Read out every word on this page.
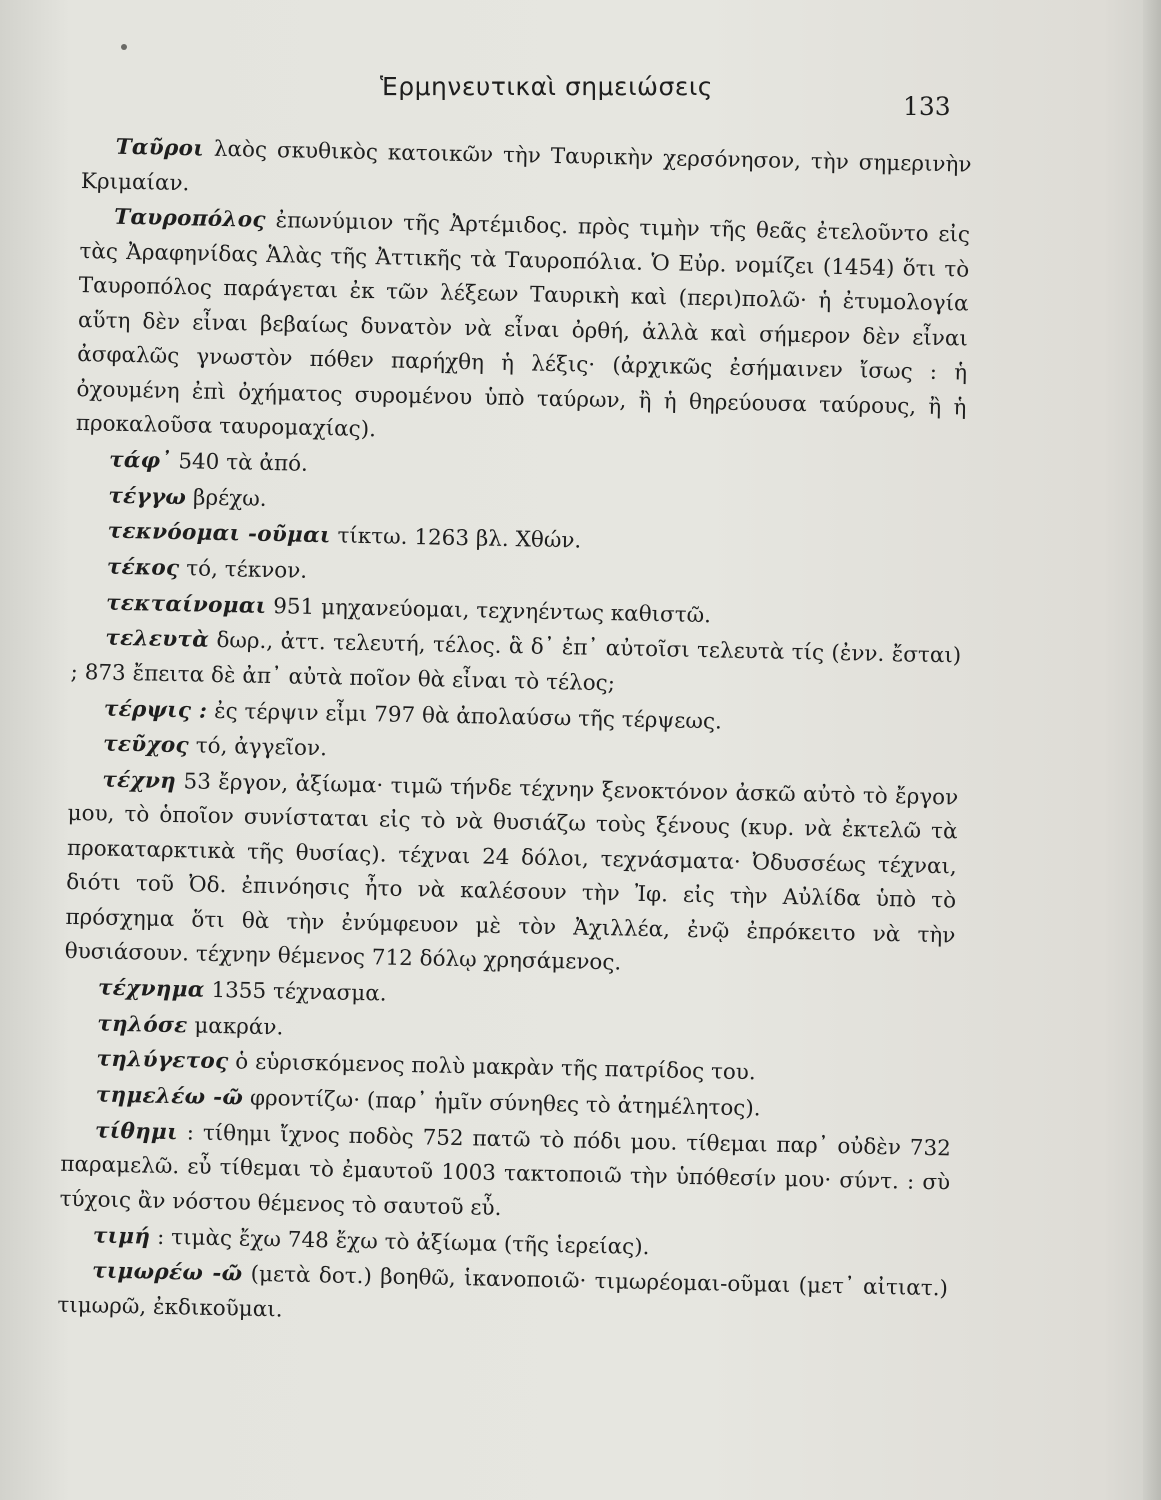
Ἑρμηνευτικαὶ σημειώσεις
133

Ταῦροι λαὸς σκυθικὸς κατοικῶν τὴν Ταυρικὴν χερσόνησον, τὴν σημερινὴν Κριμαίαν.

Ταυροπόλος ἐπωνύμιον τῆς Ἀρτέμιδος. πρὸς τιμὴν τῆς θεᾶς ἐτελοῦντο εἰς τὰς Ἀραφηνίδας Ἁλὰς τῆς Ἀττικῆς τὰ Ταυροπόλια. Ὁ Εὐρ. νομίζει (1454) ὅτι τὸ Ταυροπόλος παράγεται ἐκ τῶν λέξεων Ταυρικὴ καὶ (περι)πολῶ· ἡ ἐτυμολογία αὕτη δὲν εἶναι βεβαίως δυνατὸν νὰ εἶναι ὀρθή, ἀλλὰ καὶ σήμερον δὲν εἶναι ἀσφαλῶς γνωστὸν πόθεν παρήχθη ἡ λέξις· (ἀρχικῶς ἐσήμαινεν ἴσως : ἡ ὀχουμένη ἐπὶ ὀχήματος συρομένου ὑπὸ ταύρων, ἢ ἡ θηρεύουσα ταύρους, ἢ ἡ προκαλοῦσα ταυρομαχίας).

τάφ᾽ 540 τὰ ἀπό.

τέγγω βρέχω.

τεκνόομαι -οῦμαι τίκτω. 1263 βλ. Χθών.

τέκος τό, τέκνον.

τεκταίνομαι 951 μηχανεύομαι, τεχνηέντως καθιστῶ.

τελευτὰ δωρ., ἀττ. τελευτή, τέλος. ἃ δ᾽ ἐπ᾽ αὐτοῖσι τελευτὰ τίς (ἐνν. ἔσται) ; 873 ἔπειτα δὲ ἀπ᾽ αὐτὰ ποῖον θὰ εἶναι τὸ τέλος;

τέρψις : ἐς τέρψιν εἶμι 797 θὰ ἀπολαύσω τῆς τέρψεως.

τεῦχος τό, ἀγγεῖον.

τέχνη 53 ἔργον, ἀξίωμα· τιμῶ τήνδε τέχνην ξενοκτόνον ἀσκῶ αὐτὸ τὸ ἔργον μου, τὸ ὁποῖον συνίσταται εἰς τὸ νὰ θυσιάζω τοὺς ξένους (κυρ. νὰ ἐκτελῶ τὰ προκαταρκτικὰ τῆς θυσίας). τέχναι 24 δόλοι, τεχνάσματα· Ὀδυσσέως τέχναι, διότι τοῦ Ὀδ. ἐπινόησις ἦτο νὰ καλέσουν τὴν Ἰφ. εἰς τὴν Αὐλίδα ὑπὸ τὸ πρόσχημα ὅτι θὰ τὴν ἐνύμφευον μὲ τὸν Ἀχιλλέα, ἐνῷ ἐπρόκειτο νὰ τὴν θυσιάσουν. τέχνην θέμενος 712 δόλῳ χρησάμενος.

τέχνημα 1355 τέχνασμα.

τηλόσε μακράν.

τηλύγετος ὁ εὑρισκόμενος πολὺ μακρὰν τῆς πατρίδος του.

τημελέω -ῶ φροντίζω· (παρ᾽ ἡμῖν σύνηθες τὸ ἀτημέλητος).

τίθημι : τίθημι ἴχνος ποδὸς 752 πατῶ τὸ πόδι μου. τίθεμαι παρ᾽ οὐδὲν 732 παραμελῶ. εὖ τίθεμαι τὸ ἐμαυτοῦ 1003 τακτοποιῶ τὴν ὑπόθεσίν μου· σύντ. : σὺ τύχοις ἂν νόστου θέμενος τὸ σαυτοῦ εὖ.

τιμή : τιμὰς ἔχω 748 ἔχω τὸ ἀξίωμα (τῆς ἱερείας).

τιμωρέω -ῶ (μετὰ δοτ.) βοηθῶ, ἱκανοποιῶ· τιμωρέομαι-οῦμαι (μετ᾽ αἰτιατ.) τιμωρῶ, ἐκδικοῦμαι.
